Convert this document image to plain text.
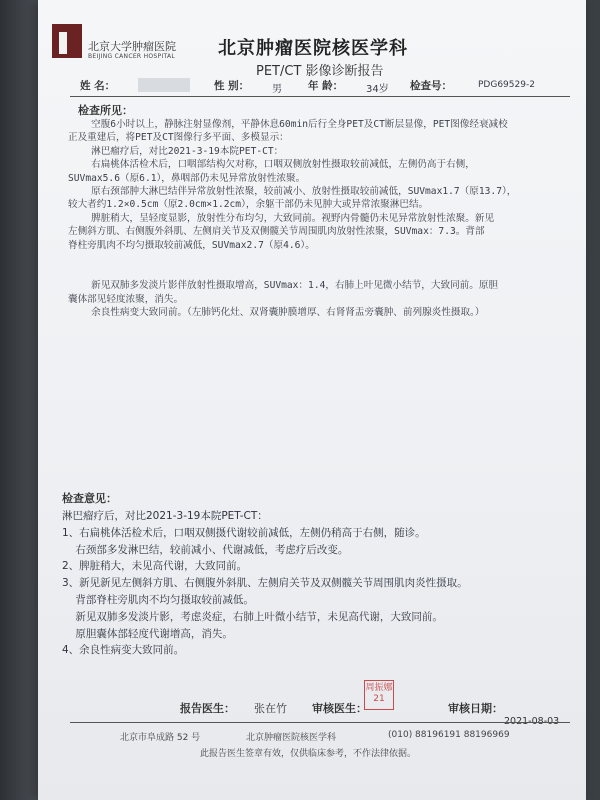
北京大学肿瘤医院
BEIJING CANCER HOSPITAL 北京肿瘤医院核医学科
PET/CT 影像诊断报告
姓 名：	性 别： 男 年 龄： 34岁 检查号：	PDG69529-2
检查所见：
空腹6小时以上，静脉注射显像剂，平静休息60min后行全身PET及CT断层显像，PET图像经衰减校
正及重建后，将PET及CT图像行多平面、多模显示：
淋巴瘤疗后，对比2021-3-19本院PET-CT：
右扁桃体活检术后，口咽部结构欠对称，口咽双侧放射性摄取较前减低，左侧仍高于右侧，
SUVmax5.6（原6.1），鼻咽部仍未见异常放射性浓聚。
原右颈部肿大淋巴结伴异常放射性浓聚，较前减小、放射性摄取较前减低，SUVmax1.7（原13.7），
较大者约1.2×0.5cm（原2.0cm×1.2cm），余躯干部仍未见肿大或异常浓聚淋巴结。
脾脏稍大，呈轻度显影，放射性分布均匀，大致同前。视野内骨髓仍未见异常放射性浓聚。新见
左侧斜方肌、右侧腹外斜肌、左侧肩关节及双侧髋关节周围肌肉放射性浓聚，SUVmax：7.3。背部
脊柱旁肌肉不均匀摄取较前减低，SUVmax2.7（原4.6）。
新见双肺多发淡片影伴放射性摄取增高，SUVmax：1.4，右肺上叶见微小结节，大致同前。原胆
囊体部见轻度浓聚，消失。
余良性病变大致同前。（左肺钙化灶、双肾囊肿膜增厚、右肾肾盂旁囊肿、前列腺炎性摄取。）
检查意见：
淋巴瘤疗后，对比2021-3-19本院PET-CT：
1、右扁桃体活检术后，口咽双侧摄代谢较前减低，左侧仍稍高于右侧，随诊。
右颈部多发淋巴结，较前减小、代谢减低，考虑疗后改变。
2、脾脏稍大，未见高代谢，大致同前。
3、新见新见左侧斜方肌、右侧腹外斜肌、左侧肩关节及双侧髋关节周围肌肉炎性摄取。
背部脊柱旁肌肉不均匀摄取较前减低。
新见双肺多发淡片影，考虑炎症，右肺上叶微小结节，未见高代谢，大致同前。
原胆囊体部轻度代谢增高，消失。
4、余良性病变大致同前。
报告医生： 张在竹 审核医生：
周振娜 21
审核日期：
北京市阜成路 52 号	北京肿瘤医院核医学科	(010) 88196191 88196969
此报告医生签章有效，仅供临床参考，不作法律依据。
